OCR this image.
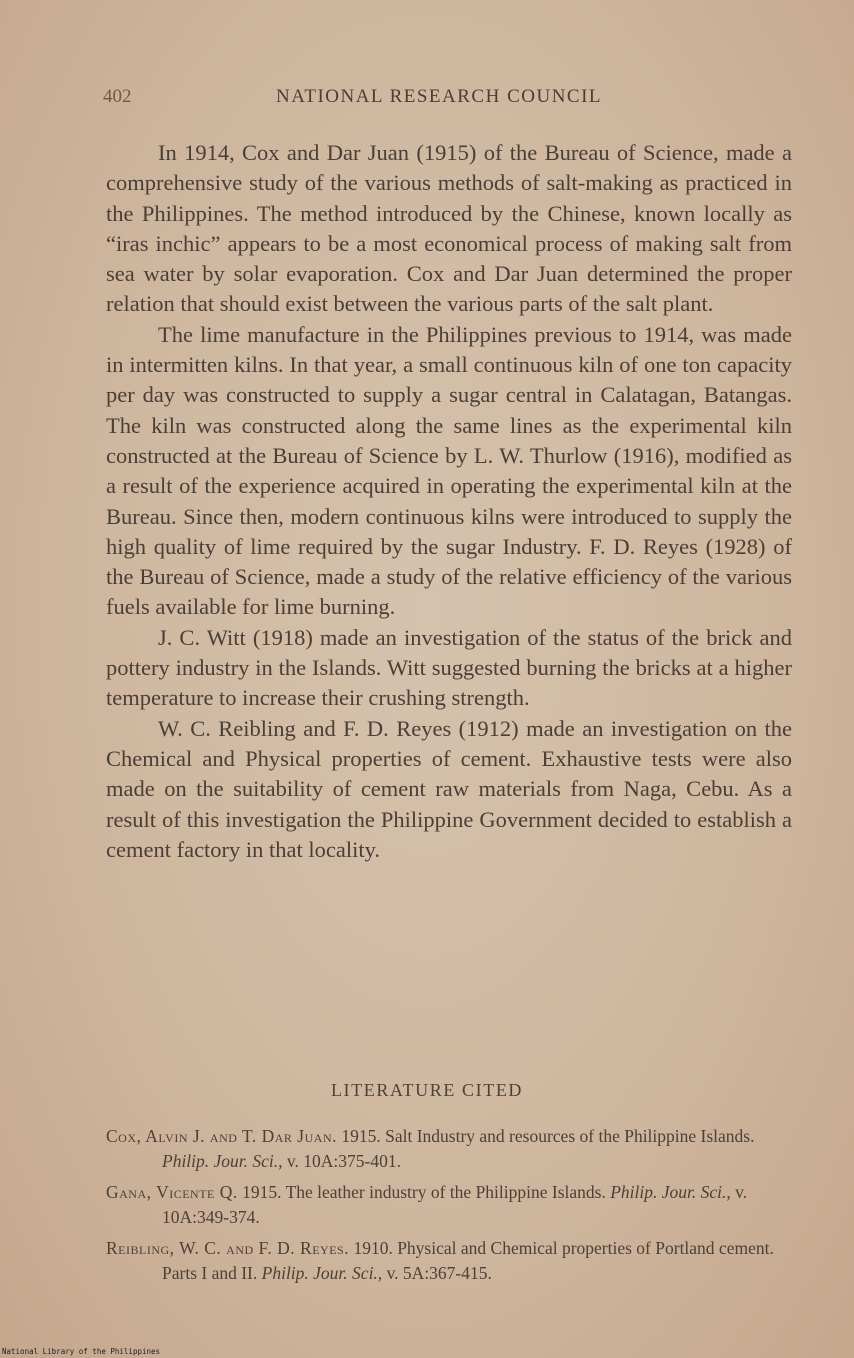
402	NATIONAL RESEARCH COUNCIL

In 1914, Cox and Dar Juan (1915) of the Bureau of Science, made a comprehensive study of the various methods of salt-making as practiced in the Philippines. The method introduced by the Chinese, known locally as “iras inchic” appears to be a most economical process of making salt from sea water by solar evaporation. Cox and Dar Juan determined the proper relation that should exist between the various parts of the salt plant.

The lime manufacture in the Philippines previous to 1914, was made in intermitten kilns. In that year, a small continuous kiln of one ton capacity per day was constructed to supply a sugar central in Calatagan, Batangas. The kiln was constructed along the same lines as the experimental kiln constructed at the Bureau of Science by L. W. Thurlow (1916), modified as a result of the experience acquired in operating the experimental kiln at the Bureau. Since then, modern continuous kilns were introduced to supply the high quality of lime required by the sugar Industry. F. D. Reyes (1928) of the Bureau of Science, made a study of the relative efficiency of the various fuels available for lime burning.

J. C. Witt (1918) made an investigation of the status of the brick and pottery industry in the Islands. Witt suggested burning the bricks at a higher temperature to increase their crushing strength.

W. C. Reibling and F. D. Reyes (1912) made an investigation on the Chemical and Physical properties of cement. Exhaustive tests were also made on the suitability of cement raw materials from Naga, Cebu. As a result of this investigation the Philippine Government decided to establish a cement factory in that locality.

LITERATURE CITED
Cox, Alvin J. and T. Dar Juan. 1915. Salt Industry and resources of the Philippine Islands. Philip. Jour. Sci., v. 10A:375-401.
Gana, Vicente Q. 1915. The leather industry of the Philippine Islands. Philip. Jour. Sci., v. 10A:349-374.
Reibling, W. C. and F. D. Reyes. 1910. Physical and Chemical properties of Portland cement. Parts I and II. Philip. Jour. Sci., v. 5A:367-415.
National Library of the Philippines
